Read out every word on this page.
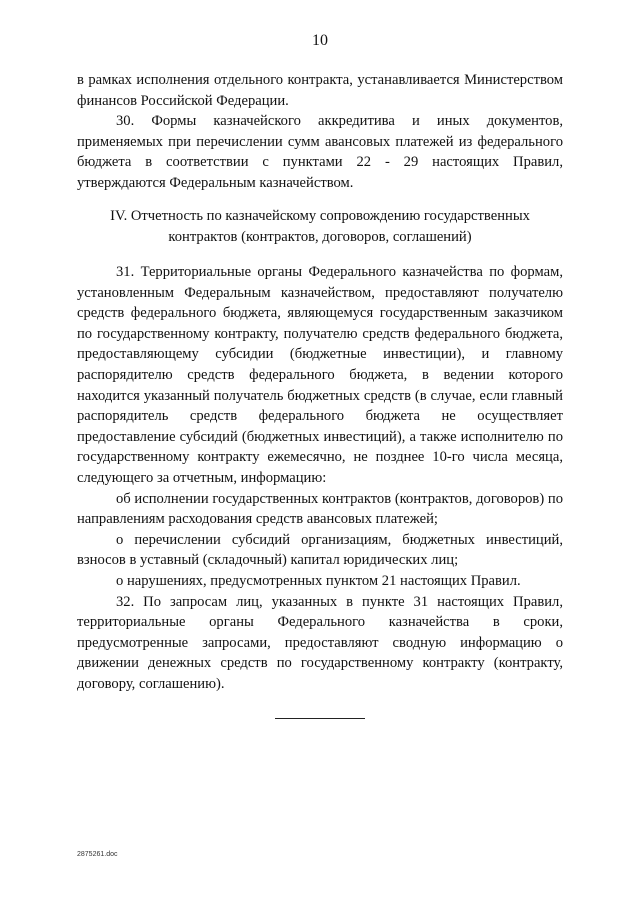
10

в рамках исполнения отдельного контракта, устанавливается Министерством финансов Российской Федерации.

30. Формы казначейского аккредитива и иных документов, применяемых при перечислении сумм авансовых платежей из федерального бюджета в соответствии с пунктами 22 - 29 настоящих Правил, утверждаются Федеральным казначейством.

IV. Отчетность по казначейскому сопровождению государственных контрактов (контрактов, договоров, соглашений)

31. Территориальные органы Федерального казначейства по формам, установленным Федеральным казначейством, предоставляют получателю средств федерального бюджета, являющемуся государственным заказчиком по государственному контракту, получателю средств федерального бюджета, предоставляющему субсидии (бюджетные инвестиции), и главному распорядителю средств федерального бюджета, в ведении которого находится указанный получатель бюджетных средств (в случае, если главный распорядитель средств федерального бюджета не осуществляет предоставление субсидий (бюджетных инвестиций), а также исполнителю по государственному контракту ежемесячно, не позднее 10-го числа месяца, следующего за отчетным, информацию:

об исполнении государственных контрактов (контрактов, договоров) по направлениям расходования средств авансовых платежей;

о перечислении субсидий организациям, бюджетных инвестиций, взносов в уставный (складочный) капитал юридических лиц;

о нарушениях, предусмотренных пунктом 21 настоящих Правил.

32. По запросам лиц, указанных в пункте 31 настоящих Правил, территориальные органы Федерального казначейства в сроки, предусмотренные запросами, предоставляют сводную информацию о движении денежных средств по государственному контракту (контракту, договору, соглашению).

2875261.doc
